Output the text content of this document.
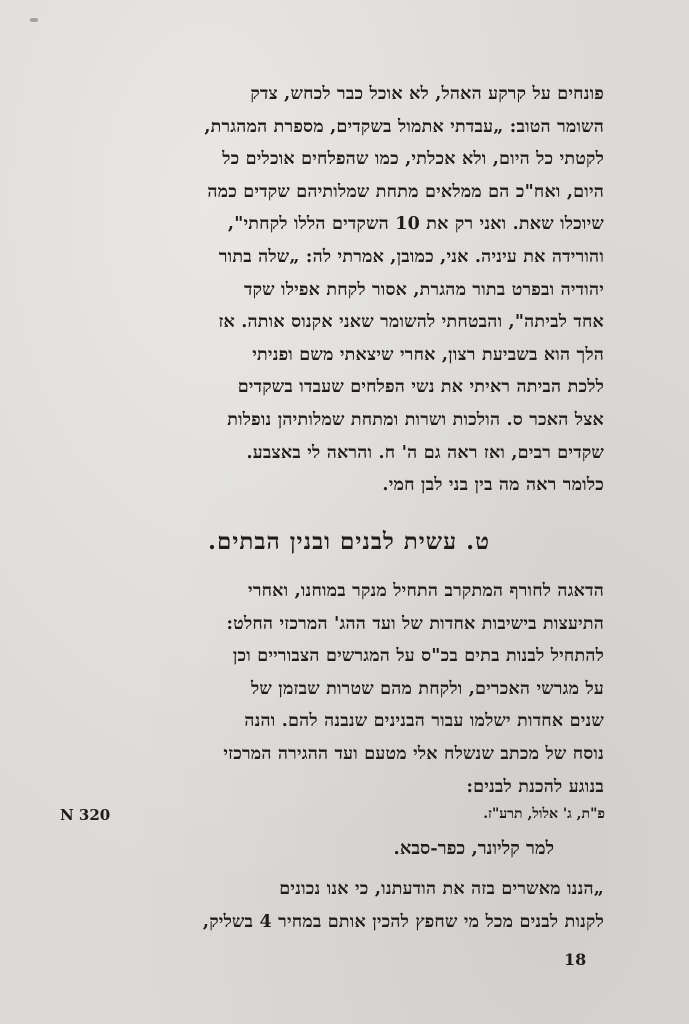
פונחים על קרקע האהל, לא אוכל כבר לכחש, צדק
השומר הטוב: „עבדתי אתמול בשקדים, מספרת המהגרת,
לקטתי כל היום, ולא אכלתי, כמו שהפלחים אוכלים כל
היום, ואח"כ הם ממלאים מתחת שמלותיהם שקדים כמה
שיוכלו שאת. ואני רק את 10 השקדים הללו לקחתי",
והורידה את עיניה. אני, כמובן, אמרתי לה: „שלה בתור
יהודיה ובפרט בתור מהגרת, אסור לקחת אפילו שקד
אחד לביתה", והבטחתי להשומר שאני אקנוס אותה. אז
הלך הוא בשביעת רצון, אחרי שיצאתי משם ופניתי
ללכת הביתה ראיתי את נשי הפלחים שעבדו בשקדים
אצל האכר ס. הולכות ושרות ומתחת שמלותיהן נופלות
שקדים רבים, ואז ראה גם ה' ח. והראה לי באצבע.
כלומר ראה מה בין בני לבן חמי.
ט. עשית לבנים ובנין הבתים.
הדאגה לחורף המתקרב התחיל מנקר במוחנו, ואחרי
התיעצות בישיבות אחדות של ועד ההג' המרכזי החלט:
להתחיל לבנות בתים בכ"ס על המגרשים הצבוריים וכן
על מגרשי האכרים, ולקחת מהם שטרות שבזמן של
שנים אחדות ישלמו עבור הבנינים שנבנה להם. והנה
נוסח של מכתב שנשלח אלי מטעם ועד ההגירה המרכזי
בנוגע להכנת לבנים:
פ"ת, ג' אלול, תרע"ז.
N 320
למר קליונר, כפר-סבא.
„הננו מאשרים בזה את הודעתנו, כי אנו נכונים
לקנות לבנים מכל מי שחפץ להכין אותם במחיר 4 בשליק,
18
